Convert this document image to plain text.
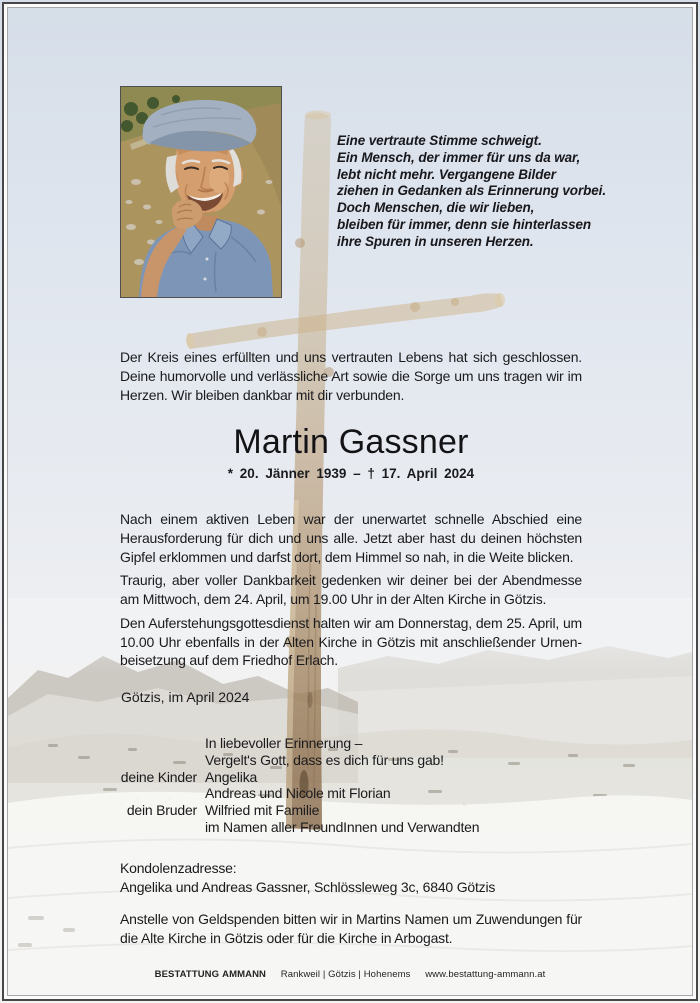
Eine vertraute Stimme schweigt.
Ein Mensch, der immer für uns da war,
lebt nicht mehr. Vergangene Bilder
ziehen in Gedanken als Erinnerung vorbei.
Doch Menschen, die wir lieben,
bleiben für immer, denn sie hinterlassen
ihre Spuren in unseren Herzen.

Der Kreis eines erfüllten und uns vertrauten Lebens hat sich geschlossen. Deine humorvolle und verlässliche Art sowie die Sorge um uns tragen wir im Herzen. Wir bleiben dankbar mit dir verbunden.

Martin Gassner
* 20. Jänner 1939 – † 17. April 2024

Nach einem aktiven Leben war der unerwartet schnelle Abschied eine Herausforderung für dich und uns alle. Jetzt aber hast du deinen höchsten Gipfel erklommen und darfst dort, dem Himmel so nah, in die Weite blicken.

Traurig, aber voller Dankbarkeit gedenken wir deiner bei der Abendmesse am Mittwoch, dem 24. April, um 19.00 Uhr in der Alten Kirche in Götzis.

Den Auferstehungsgottesdienst halten wir am Donnerstag, dem 25. April, um 10.00 Uhr ebenfalls in der Alten Kirche in Götzis mit anschließender Urnenbeisetzung auf dem Friedhof Erlach.

Götzis, im April 2024
In liebevoller Erinnerung –
Vergelt's Gott, dass es dich für uns gab!
deine Kinder Angelika
Andreas und Nicole mit Florian
dein Bruder Wilfried mit Familie
im Namen aller FreundInnen und Verwandten
Kondolenzadresse:
Angelika und Andreas Gassner, Schlössleweg 3c, 6840 Götzis

Anstelle von Geldspenden bitten wir in Martins Namen um Zuwendungen für die Alte Kirche in Götzis oder für die Kirche in Arbogast.

BESTATTUNG AMMANN Rankweil | Götzis | Hohenems www.bestattung-ammann.at
